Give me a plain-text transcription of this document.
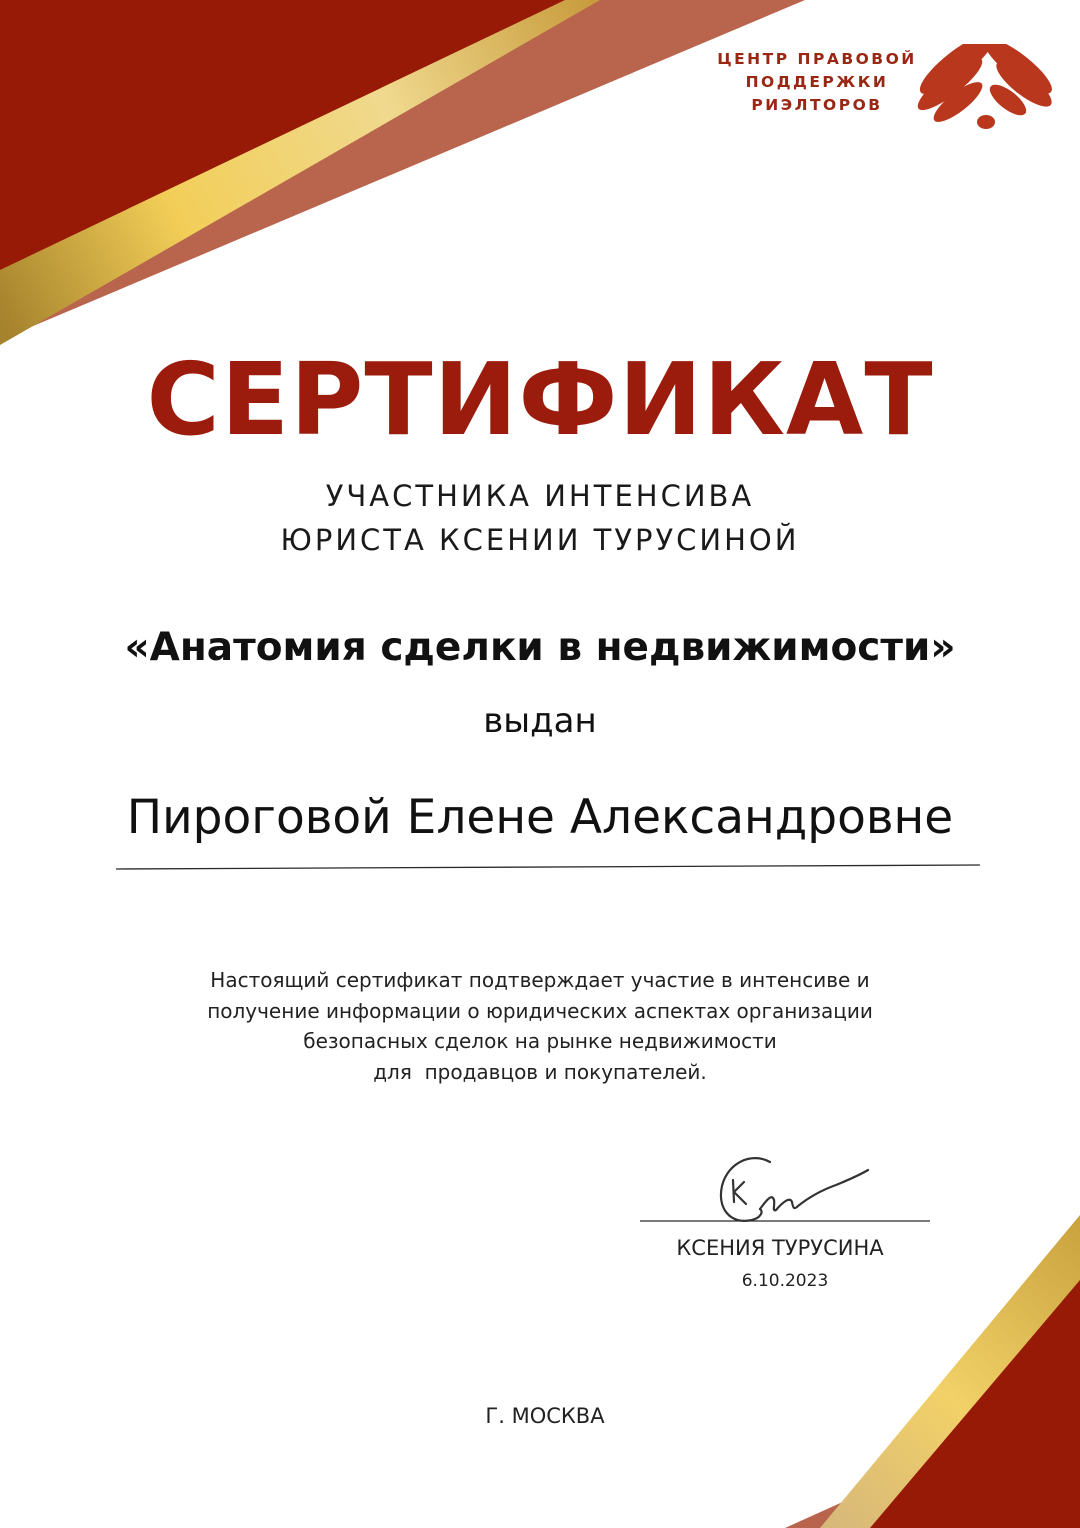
ЦЕНТР ПРАВОВОЙ
ПОДДЕРЖКИ
РИЭЛТОРОВ
СЕРТИФИКАТ
УЧАСТНИКА ИНТЕНСИВА
ЮРИСТА КСЕНИИ ТУРУСИНОЙ
«Анатомия сделки в недвижимости»
выдан
Пироговой Елене Александровне
Настоящий сертификат подтверждает участие в интенсиве и
получение информации о юридических аспектах организации
безопасных сделок на рынке недвижимости
для  продавцов и покупателей.
КСЕНИЯ ТУРУСИНА
6.10.2023
Г. МОСКВА
